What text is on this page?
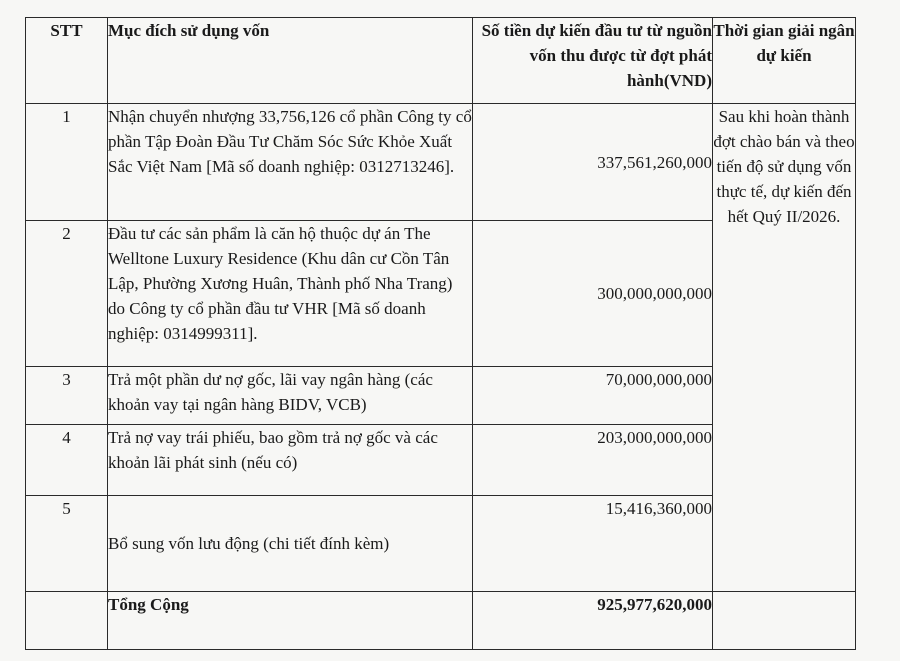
STT	Mục đích sử dụng vốn	Số tiền dự kiến đầu tư từ nguồn vốn thu được từ đợt phát hành(VND)	Thời gian giải ngân dự kiến
1	Nhận chuyển nhượng 33,756,126 cổ phần Công ty cổ phần Tập Đoàn Đầu Tư Chăm Sóc Sức Khỏe Xuất Sắc Việt Nam [Mã số doanh nghiệp: 0312713246].	337,561,260,000	Sau khi hoàn thành đợt chào bán và theo tiến độ sử dụng vốn thực tế, dự kiến đến hết Quý II/2026.
2	Đầu tư các sản phẩm là căn hộ thuộc dự án The Welltone Luxury Residence (Khu dân cư Cồn Tân Lập, Phường Xương Huân, Thành phố Nha Trang) do Công ty cổ phần đầu tư VHR [Mã số doanh nghiệp: 0314999311].	300,000,000,000	
3	Trả một phần dư nợ gốc, lãi vay ngân hàng (các khoản vay tại ngân hàng BIDV, VCB)	70,000,000,000	
4	Trả nợ vay trái phiếu, bao gồm trả nợ gốc và các khoản lãi phát sinh (nếu có)	203,000,000,000	
5	Bổ sung vốn lưu động (chi tiết đính kèm)	15,416,360,000	
	Tổng Cộng	925,977,620,000	
